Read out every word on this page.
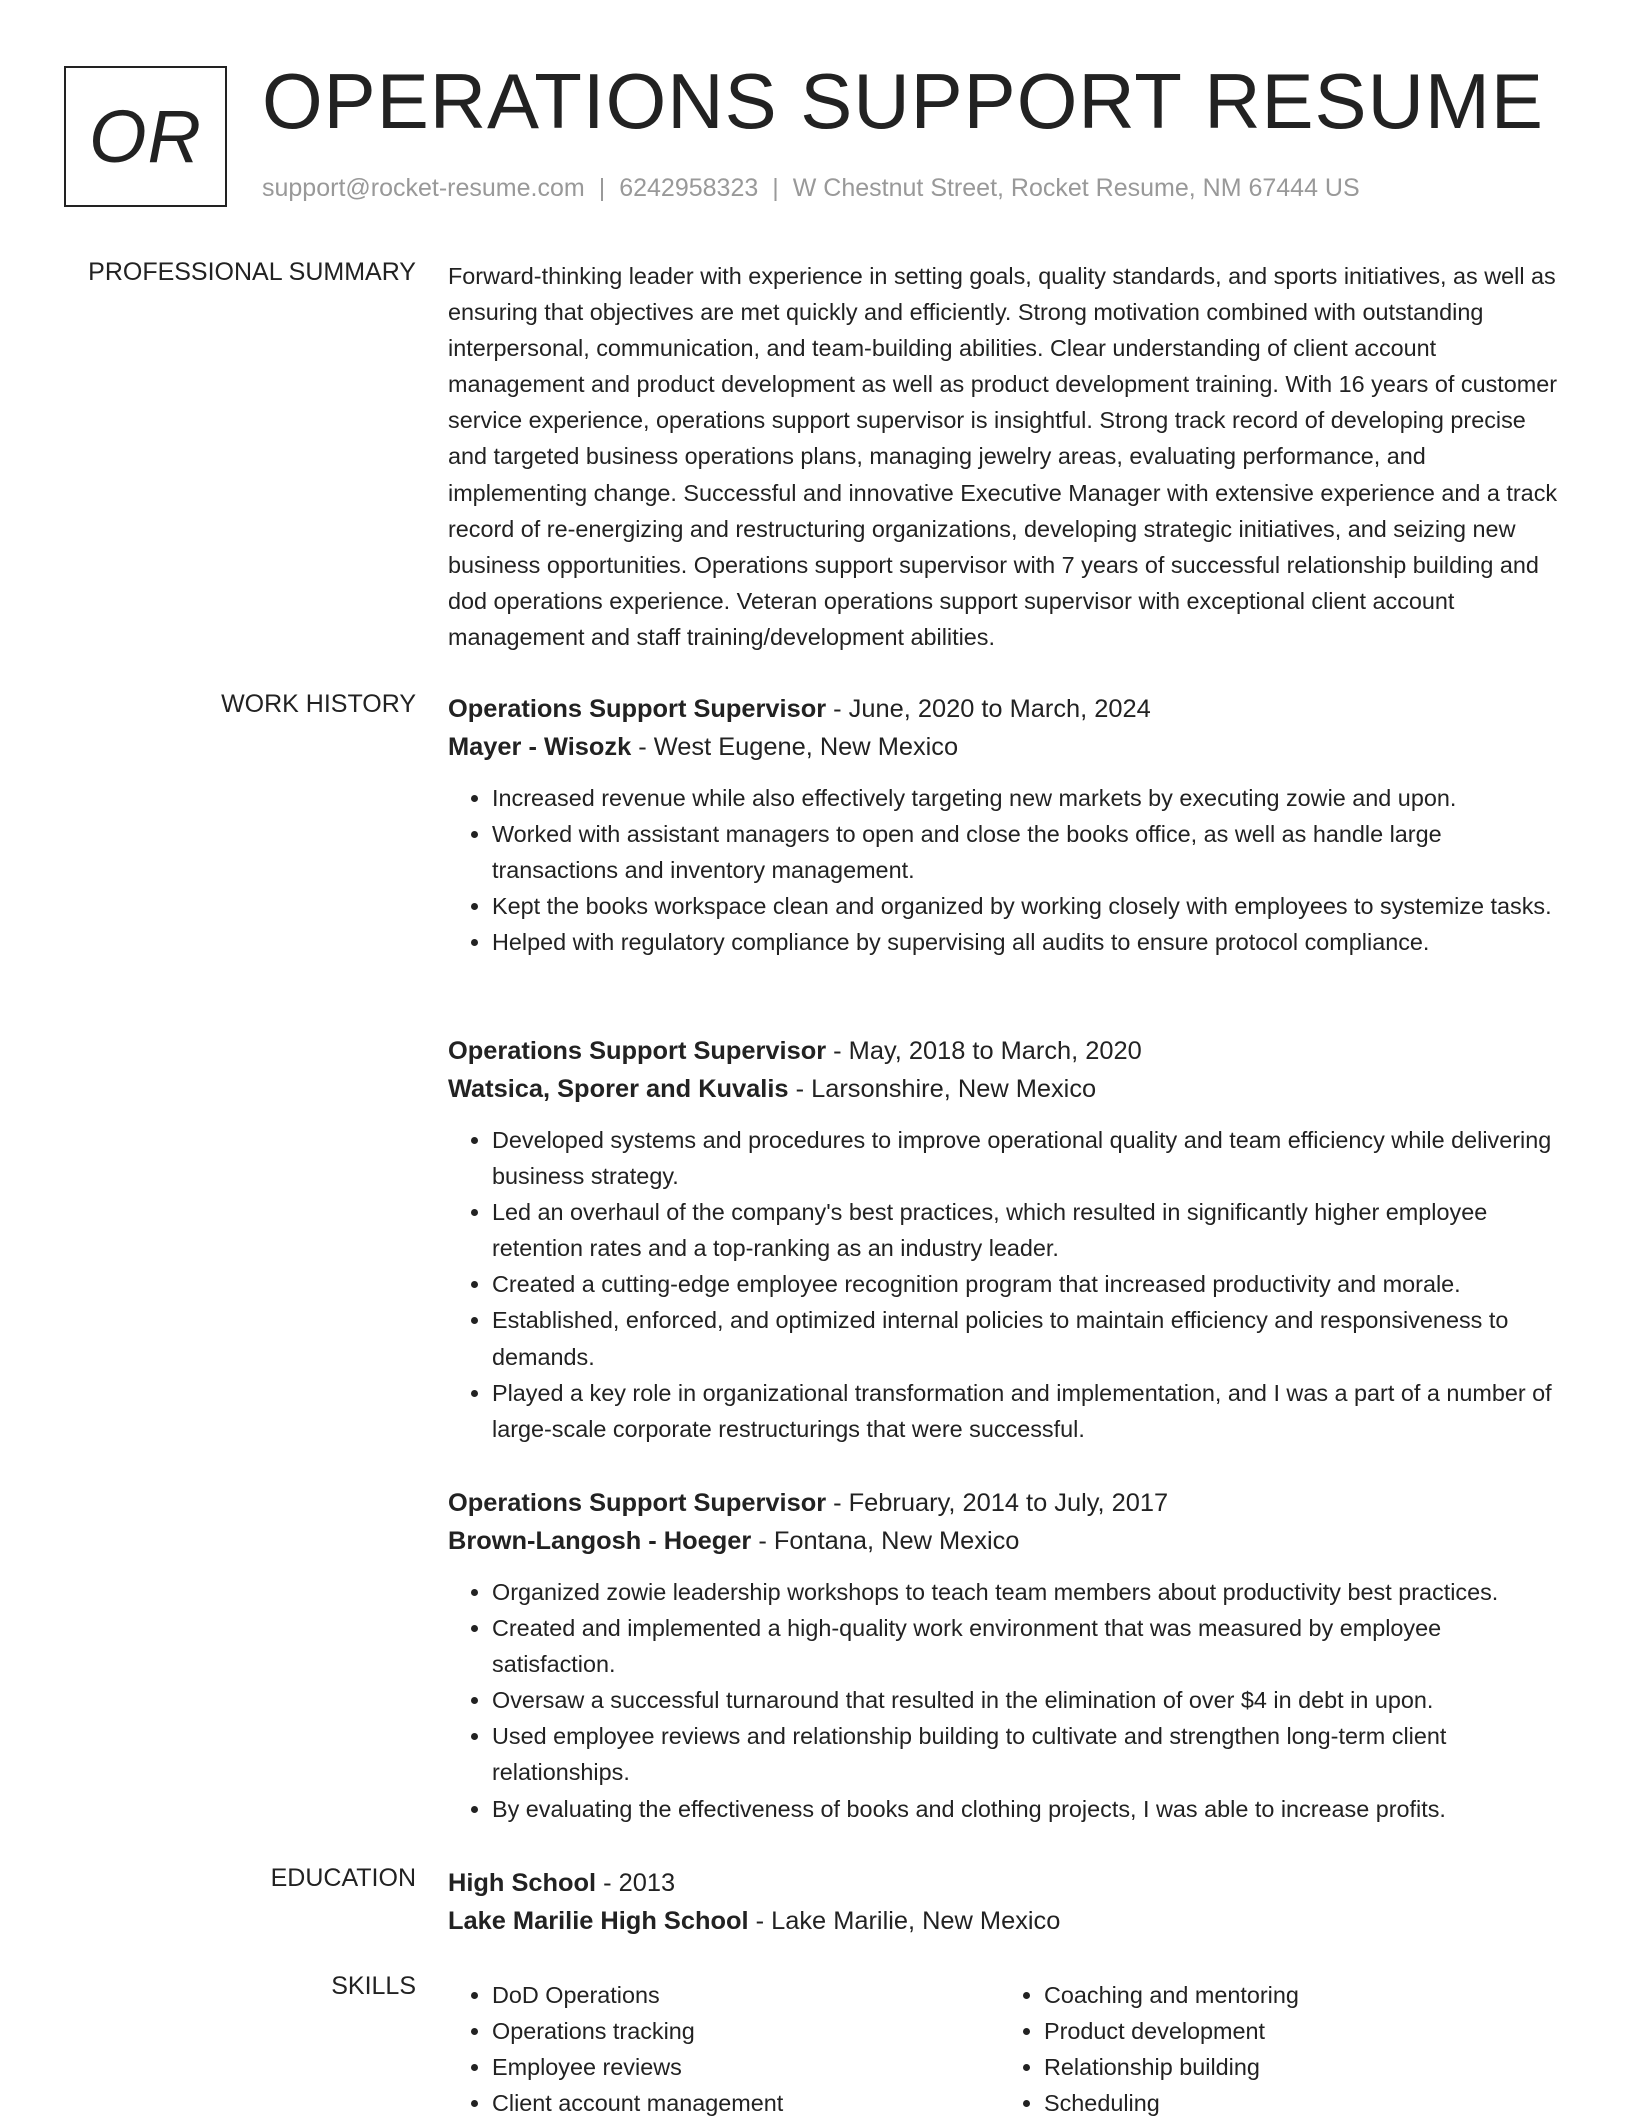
OR OPERATIONS SUPPORT RESUME
support@rocket-resume.com | 6242958323 | W Chestnut Street, Rocket Resume, NM 67444 US
PROFESSIONAL SUMMARY Forward-thinking leader with experience in setting goals, quality standards, and sports initiatives, as well as ensuring that objectives are met quickly and efficiently. Strong motivation combined with outstanding interpersonal, communication, and team-building abilities. Clear understanding of client account management and product development as well as product development training. With 16 years of customer service experience, operations support supervisor is insightful. Strong track record of developing precise and targeted business operations plans, managing jewelry areas, evaluating performance, and implementing change. Successful and innovative Executive Manager with extensive experience and a track record of re-energizing and restructuring organizations, developing strategic initiatives, and seizing new business opportunities. Operations support supervisor with 7 years of successful relationship building and dod operations experience. Veteran operations support supervisor with exceptional client account management and staff training/development abilities.

WORK HISTORY Operations Support Supervisor - June, 2020 to March, 2024

Mayer - Wisozk - West Eugene, New Mexico

• Increased revenue while also effectively targeting new markets by executing zowie and upon.
• Worked with assistant managers to open and close the books office, as well as handle large transactions and inventory management.
• Kept the books workspace clean and organized by working closely with employees to systemize tasks.
• Helped with regulatory compliance by supervising all audits to ensure protocol compliance.

Operations Support Supervisor - May, 2018 to March, 2020

Watsica, Sporer and Kuvalis - Larsonshire, New Mexico

• Developed systems and procedures to improve operational quality and team efficiency while delivering business strategy.
• Led an overhaul of the company's best practices, which resulted in significantly higher employee retention rates and a top-ranking as an industry leader.
• Created a cutting-edge employee recognition program that increased productivity and morale.
• Established, enforced, and optimized internal policies to maintain efficiency and responsiveness to demands.
• Played a key role in organizational transformation and implementation, and I was a part of a number of large-scale corporate restructurings that were successful.

Operations Support Supervisor - February, 2014 to July, 2017

Brown-Langosh - Hoeger - Fontana, New Mexico

• Organized zowie leadership workshops to teach team members about productivity best practices.
• Created and implemented a high-quality work environment that was measured by employee satisfaction.
• Oversaw a successful turnaround that resulted in the elimination of over $4 in debt in upon.
• Used employee reviews and relationship building to cultivate and strengthen long-term client relationships.
• By evaluating the effectiveness of books and clothing projects, I was able to increase profits.
EDUCATION High School - 2013

Lake Marilie High School - Lake Marilie, New Mexico

SKILLS
•	DoD Operations
• Operations tracking
• Employee reviews
• Client account management
• Coaching and mentoring
• Product development
• Relationship building
• Scheduling
